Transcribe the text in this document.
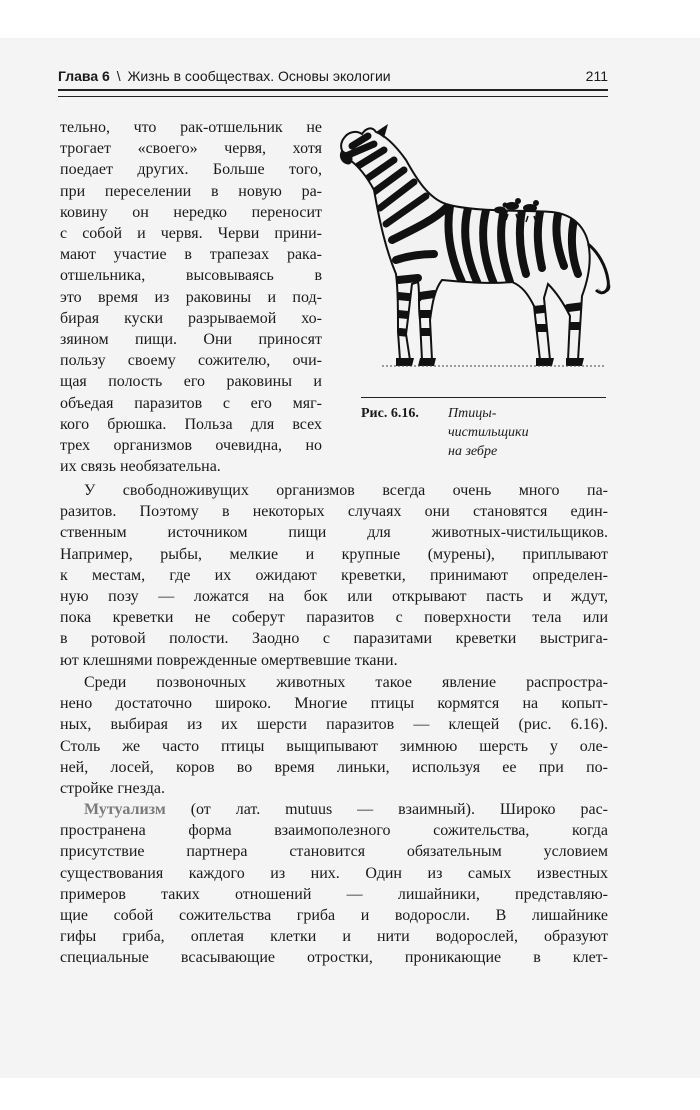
Глава 6 \ Жизнь в сообществах. Основы экологии	211
тельно, что рак-отшельник не
трогает «своего» червя, хотя
поедает других. Больше того,
при переселении в новую ра-
ковину он нередко переносит
с собой и червя. Черви прини-
мают участие в трапезах рака-
отшельника, высовываясь в
это время из раковины и под-
бирая куски разрываемой хо-
зяином пищи. Они приносят
пользу своему сожителю, очи-
щая полость его раковины и
объедая паразитов с его мяг-
кого брюшка. Польза для всех
трех организмов очевидна, но
их связь необязательна.
Рис. 6.16. Птицы-
чистильщики
на зебре
У свободноживущих организмов всегда очень много па-
разитов. Поэтому в некоторых случаях они становятся един-
ственным источником пищи для животных-чистильщиков.
Например, рыбы, мелкие и крупные (мурены), приплывают
к местам, где их ожидают креветки, принимают определен-
ную позу — ложатся на бок или открывают пасть и ждут,
пока креветки не соберут паразитов с поверхности тела или
в ротовой полости. Заодно с паразитами креветки выстрига-
ют клешнями поврежденные омертвевшие ткани.
Среди позвоночных животных такое явление распростра-
нено достаточно широко. Многие птицы кормятся на копыт-
ных, выбирая из их шерсти паразитов — клещей (рис. 6.16).
Столь же часто птицы выщипывают зимнюю шерсть у оле-
ней, лосей, коров во время линьки, используя ее при по-
стройке гнезда.
Мутуализм (от лат. mutuus — взаимный). Широко рас-
пространена форма взаимополезного сожительства, когда
присутствие партнера становится обязательным условием
существования каждого из них. Один из самых известных
примеров таких отношений — лишайники, представляю-
щие собой сожительства гриба и водоросли. В лишайнике
гифы гриба, оплетая клетки и нити водорослей, образуют
специальные всасывающие отростки, проникающие в клет-
